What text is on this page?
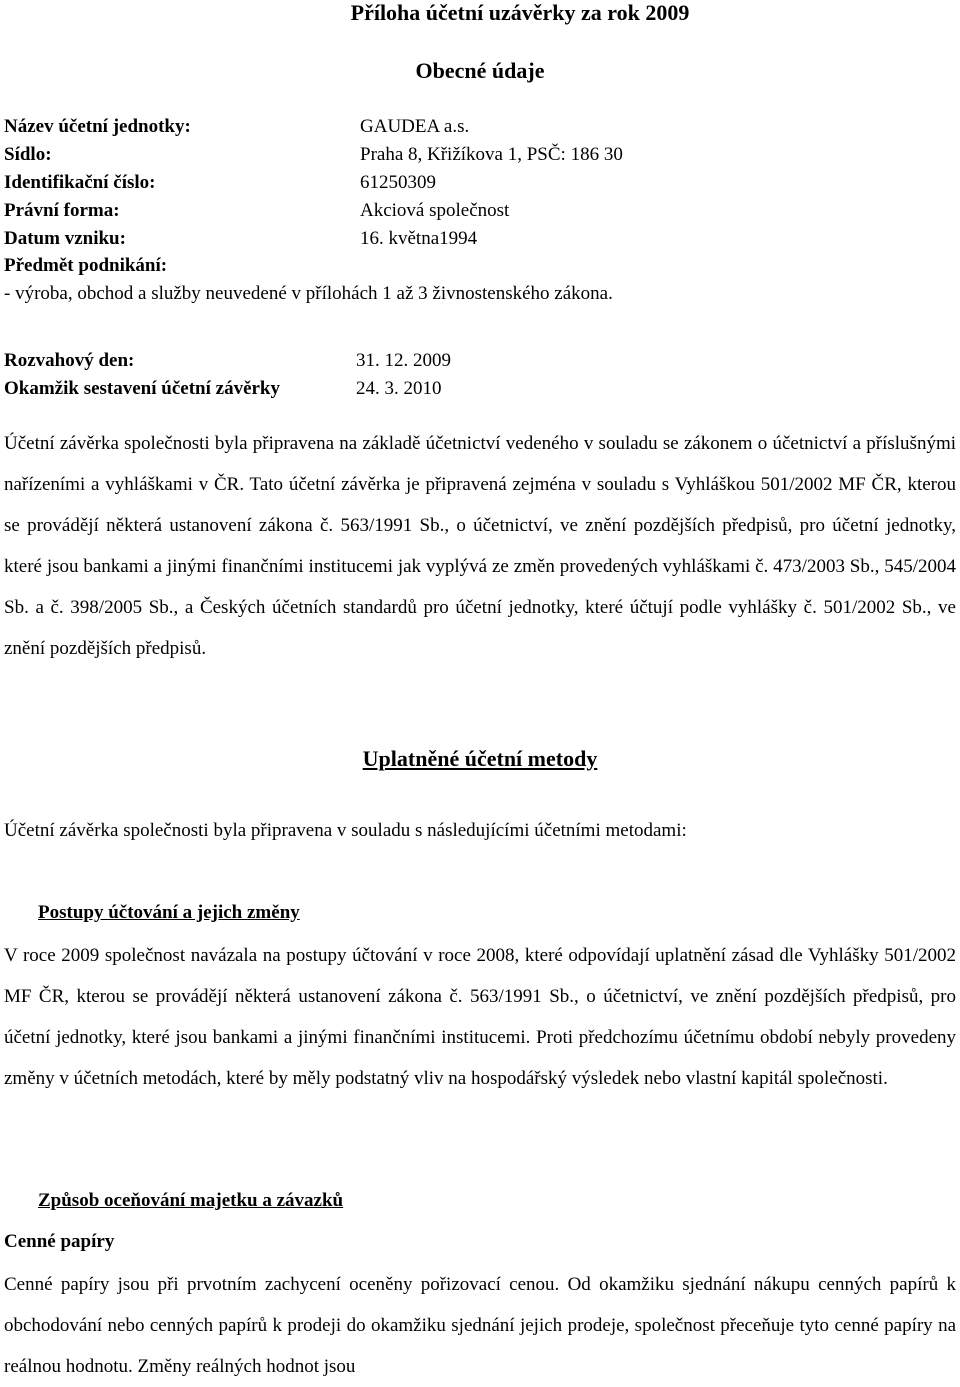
Příloha účetní uzávěrky za rok 2009
Obecné údaje
Název účetní jednotky:	GAUDEA a.s.
Sídlo:	Praha 8, Křižíkova 1, PSČ: 186 30
Identifikační číslo:	61250309
Právní forma:	Akciová společnost
Datum vzniku:	16. května1994
Předmět podnikání:
- výroba, obchod a služby neuvedené v přílohách 1 až 3 živnostenského zákona.
Rozvahový den:	31. 12. 2009
Okamžik sestavení účetní závěrky	24. 3. 2010
Účetní závěrka společnosti byla připravena na základě účetnictví vedeného v souladu se zákonem o účetnictví a příslušnými nařízeními a vyhláškami v ČR. Tato účetní závěrka je připravená zejména v souladu s Vyhláškou 501/2002 MF ČR, kterou se provádějí některá ustanovení zákona č. 563/1991 Sb., o účetnictví, ve znění pozdějších předpisů, pro účetní jednotky, které jsou bankami a jinými finančními institucemi jak vyplývá ze změn provedených vyhláškami č. 473/2003 Sb., 545/2004 Sb. a č. 398/2005 Sb., a Českých účetních standardů pro účetní jednotky, které účtují podle vyhlášky č. 501/2002 Sb., ve znění pozdějších předpisů.
Uplatněné účetní metody
Účetní závěrka společnosti byla připravena v souladu s následujícími účetními metodami:
Postupy účtování a jejich změny
V roce 2009 společnost navázala na postupy účtování v roce 2008, které odpovídají uplatnění zásad dle Vyhlášky 501/2002 MF ČR, kterou se provádějí některá ustanovení zákona č. 563/1991 Sb., o účetnictví, ve znění pozdějších předpisů, pro účetní jednotky, které jsou bankami a jinými finančními institucemi. Proti předchozímu účetnímu období nebyly provedeny změny v účetních metodách, které by měly podstatný vliv na hospodářský výsledek nebo vlastní kapitál společnosti.
Způsob oceňování majetku a závazků
Cenné papíry
Cenné papíry jsou při prvotním zachycení oceněny pořizovací cenou. Od okamžiku sjednání nákupu cenných papírů k obchodování nebo cenných papírů k prodeji do okamžiku sjednání jejich prodeje, společnost přeceňuje tyto cenné papíry na reálnou hodnotu. Změny reálných hodnot jsou
